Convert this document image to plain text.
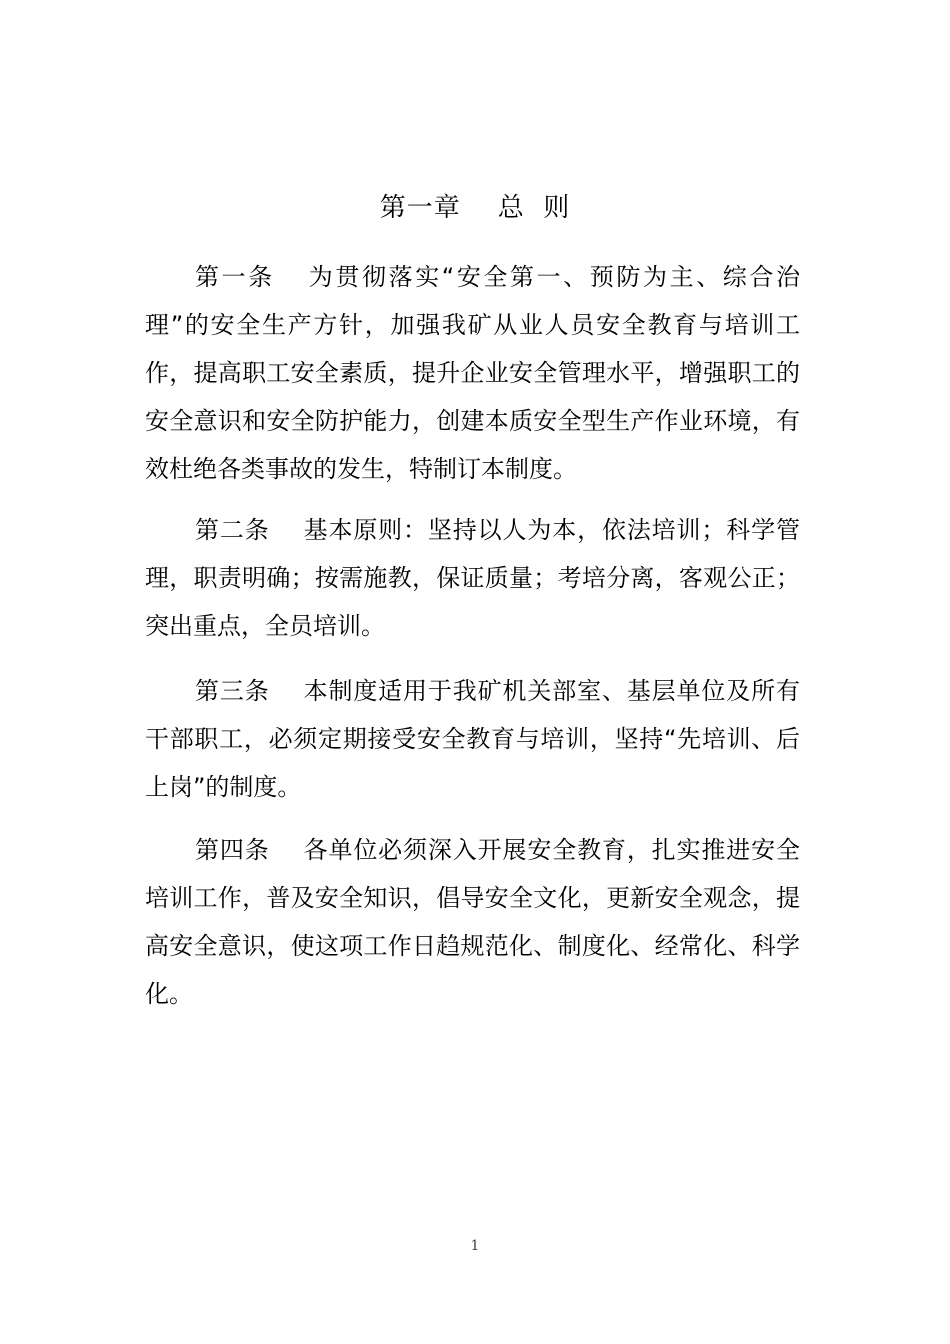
第一章    总  则

第一条 为贯彻落实“安全第一、预防为主、综合治理”的安全生产方针，加强我矿从业人员安全教育与培训工作，提高职工安全素质，提升企业安全管理水平，增强职工的安全意识和安全防护能力，创建本质安全型生产作业环境，有效杜绝各类事故的发生，特制订本制度。

第二条 基本原则：坚持以人为本，依法培训；科学管理，职责明确；按需施教，保证质量；考培分离，客观公正；突出重点，全员培训。

第三条 本制度适用于我矿机关部室、基层单位及所有干部职工，必须定期接受安全教育与培训，坚持“先培训、后上岗”的制度。

第四条 各单位必须深入开展安全教育，扎实推进安全培训工作，普及安全知识，倡导安全文化，更新安全观念，提高安全意识，使这项工作日趋规范化、制度化、经常化、科学化。

1
